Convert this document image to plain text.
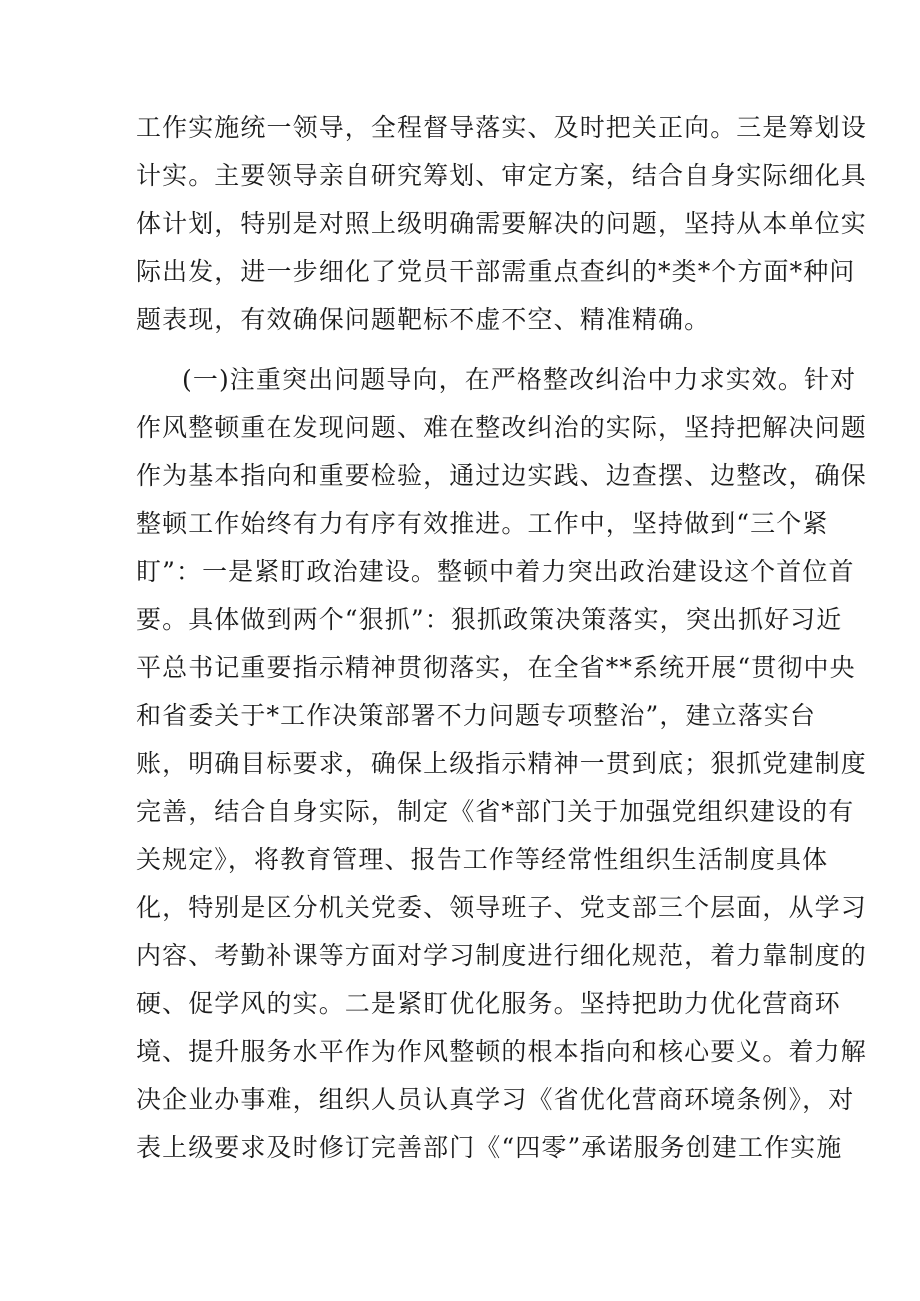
工作实施统一领导，全程督导落实、及时把关正向。三是筹划设
计实。主要领导亲自研究筹划、审定方案，结合自身实际细化具
体计划，特别是对照上级明确需要解决的问题，坚持从本单位实
际出发，进一步细化了党员干部需重点查纠的*类*个方面*种问
题表现，有效确保问题靶标不虚不空、精准精确。
(一)注重突出问题导向，在严格整改纠治中力求实效。针对
作风整顿重在发现问题、难在整改纠治的实际，坚持把解决问题
作为基本指向和重要检验，通过边实践、边查摆、边整改，确保
整顿工作始终有力有序有效推进。工作中，坚持做到“三个紧
盯”：一是紧盯政治建设。整顿中着力突出政治建设这个首位首
要。具体做到两个“狠抓”：狠抓政策决策落实，突出抓好习近
平总书记重要指示精神贯彻落实，在全省**系统开展“贯彻中央
和省委关于*工作决策部署不力问题专项整治”，建立落实台
账，明确目标要求，确保上级指示精神一贯到底；狠抓党建制度
完善，结合自身实际，制定《省*部门关于加强党组织建设的有
关规定》，将教育管理、报告工作等经常性组织生活制度具体
化，特别是区分机关党委、领导班子、党支部三个层面，从学习
内容、考勤补课等方面对学习制度进行细化规范，着力靠制度的
硬、促学风的实。二是紧盯优化服务。坚持把助力优化营商环
境、提升服务水平作为作风整顿的根本指向和核心要义。着力解
决企业办事难，组织人员认真学习《省优化营商环境条例》，对
表上级要求及时修订完善部门《“四零”承诺服务创建工作实施
